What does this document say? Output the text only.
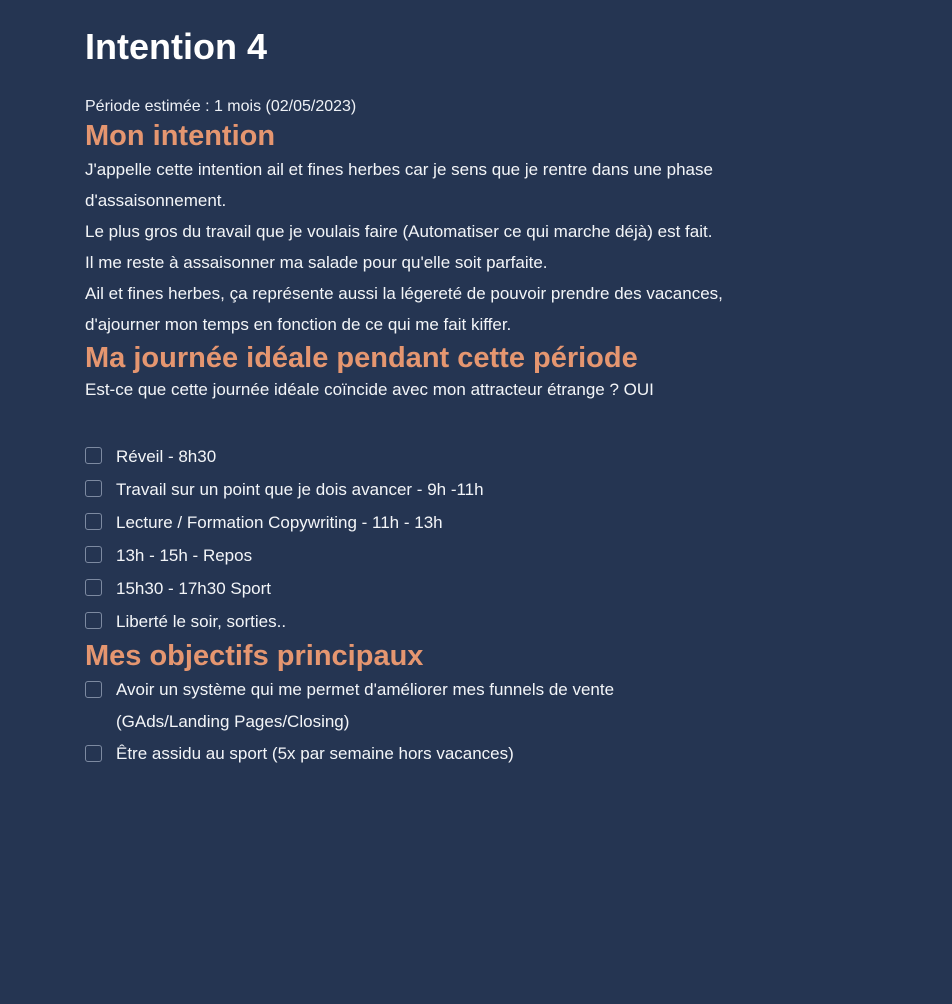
Intention 4
Période estimée : 1 mois (02/05/2023)
Mon intention

J'appelle cette intention ail et fines herbes car je sens que je rentre dans une phase

d'assaisonnement.

Le plus gros du travail que je voulais faire (Automatiser ce qui marche déjà) est fait.

Il me reste à assaisonner ma salade pour qu'elle soit parfaite.

Ail et fines herbes, ça représente aussi la légereté de pouvoir prendre des vacances,

d'ajourner mon temps en fonction de ce qui me fait kiffer.

Ma journée idéale pendant cette période
Est-ce que cette journée idéale coïncide avec mon attracteur étrange ? OUI
Réveil - 8h30
Travail sur un point que je dois avancer - 9h -11h
Lecture / Formation Copywriting - 11h - 13h
13h - 15h - Repos
15h30 - 17h30 Sport
Liberté le soir, sorties..
Mes objectifs principaux
Avoir un système qui me permet d'améliorer mes funnels de vente
(GAds/Landing Pages/Closing)
Être assidu au sport (5x par semaine hors vacances)
